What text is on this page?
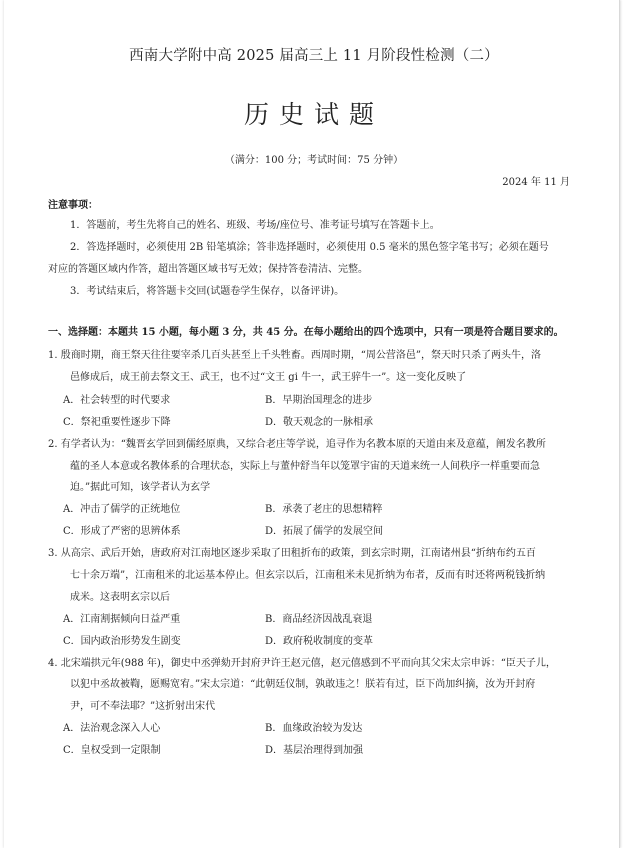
西南大学附中高 2025 届高三上 11 月阶段性检测（二）
历史试题
（满分：100 分；考试时间：75 分钟）
2024 年 11 月
注意事项：
1．答题前，考生先将自己的姓名、班级、考场/座位号、准考证号填写在答题卡上。
2．答选择题时，必须使用 2B 铅笔填涂；答非选择题时，必须使用 0.5 毫米的黑色签字笔书写；必须在题号
对应的答题区域内作答，超出答题区域书写无效；保持答卷清洁、完整。
3．考试结束后，将答题卡交回(试题卷学生保存，以备评讲)。
一、选择题：本题共 15 小题，每小题 3 分，共 45 分。在每小题给出的四个选项中，只有一项是符合题目要求的。
1. 殷商时期，商王祭天往往要宰杀几百头甚至上千头牲畜。西周时期，“周公营洛邑”，祭天时只杀了两头牛，洛
邑修成后，成王前去祭文王、武王，也不过“文王 gi 牛一，武王骍牛一”。这一变化反映了
A．社会转型的时代要求	B．早期治国理念的进步
C．祭祀重要性逐步下降	D．敬天观念的一脉相承
2. 有学者认为：“魏晋玄学回到儒经原典，又综合老庄等学说，追寻作为名教本原的天道由来及意蕴，阐发名教所
蕴的圣人本意或名教体系的合理状态，实际上与董仲舒当年以笼罩宇宙的天道来统一人间秩序一样重要而急
迫。”据此可知，该学者认为玄学
A．冲击了儒学的正统地位	B．承袭了老庄的思想精粹
C．形成了严密的思辨体系	D．拓展了儒学的发展空间
3. 从高宗、武后开始，唐政府对江南地区逐步采取了田租折布的政策，到玄宗时期，江南诸州县“折纳布约五百
七十余万端”，江南租米的北运基本停止。但玄宗以后，江南租米未见折纳为布者，反而有时还将两税钱折纳
成米。这表明玄宗以后
A．江南割据倾向日益严重	B．商品经济因战乱衰退
C．国内政治形势发生剧变	D．政府税收制度的变革
4. 北宋端拱元年(988 年)，御史中丞弹劾开封府尹许王赵元僖，赵元僖感到不平而向其父宋太宗申诉：“臣天子儿，
以犯中丞故被鞫，愿赐宽宥。”宋太宗道：“此朝廷仪制，孰敢违之！朕若有过，臣下尚加纠摘，汝为开封府
尹，可不奉法耶？”这折射出宋代
A．法治观念深入人心	B．血缘政治较为发达
C．皇权受到一定限制	D．基层治理得到加强
